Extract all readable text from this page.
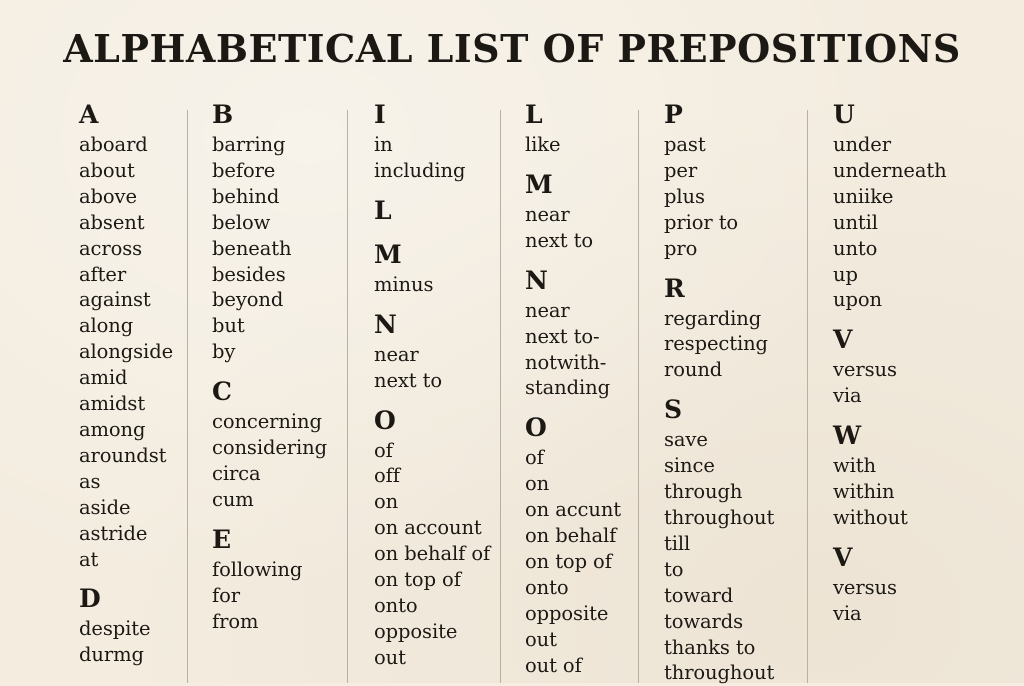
ALPHABETICAL LIST OF PREPOSITIONS
A
aboard
about
above
absent
across
after
against
along
alongside
amid
amidst
among
aroundst
as
aside
astride
at
D
despite
durmg
B
barring
before
behind
below
beneath
besides
beyond
but
by
C
concerning
considering
circa
cum
E
following
for
from
I
in
including
L
M
minus
N
near
next to
O
of
off
on
on account
on behalf of
on top of
onto
opposite
out
L
like
M
near
next to
N
near
next to-
notwith-
standing
O
of
on
on accunt
on behalf
on top of
onto
opposite
out
out of
P
past
per
plus
prior to
pro
R
regarding
respecting
round
S
save
since
through
throughout
till
to
toward
towards
thanks to
throughout
U
under
underneath
uniike
until
unto
up
upon
V
versus
via
W
with
within
without
V
versus
via
